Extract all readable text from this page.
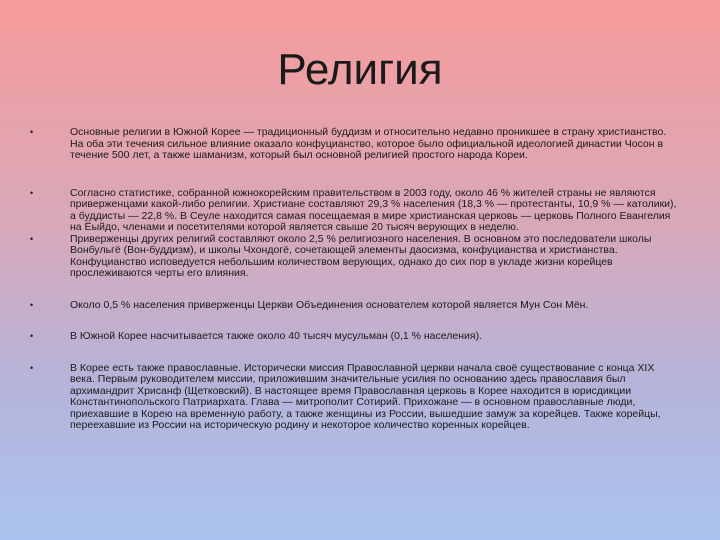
Религия
•	Основные религии в Южной Корее — традиционный буддизм и относительно недавно проникшее в страну христианство. На оба эти течения сильное влияние оказало конфуцианство, которое было официальной идеологией династии Чосон в течение 500 лет, а также шаманизм, который был основной религией простого народа Кореи.
•	Согласно статистике, собранной южнокорейским правительством в 2003 году, около 46 % жителей страны не являются приверженцами какой-либо религии. Христиане составляют 29,3 % населения (18,3 % — протестанты, 10,9 % — католики), а буддисты — 22,8 %. В Сеуле находится самая посещаемая в мире христианская церковь — церковь Полного Евангелия на Ёыйдо, членами и посетителями которой является свыше 20 тысяч верующих в неделю.
•	Приверженцы других религий составляют около 2,5 % религиозного населения. В основном это последователи школы Вонбульгё (Вон-буддизм), и школы Чхондогё, сочетающей элементы даосизма, конфуцианства и христианства. Конфуцианство исповедуется небольшим количеством верующих, однако до сих пор в укладе жизни корейцев прослеживаются черты его влияния.
•	Около 0,5 % населения приверженцы Церкви Объединения основателем которой является Мун Сон Мён.
•	В Южной Корее насчитывается также около 40 тысяч мусульман (0,1 % населения).
•	В Корее есть также православные. Исторически миссия Православной церкви начала своё существование с конца XIX века. Первым руководителем миссии, приложившим значительные усилия по основанию здесь православия был архимандрит Хрисанф (Щетковский). В настоящее время Православная церковь в Корее находится в юрисдикции Константинопольского Патриархата. Глава — митрополит Сотирий. Прихожане — в основном православные люди, приехавшие в Корею на временную работу, а также женщины из России, вышедшие замуж за корейцев. Также корейцы, переехавшие из России на историческую родину и некоторое количество коренных корейцев.
